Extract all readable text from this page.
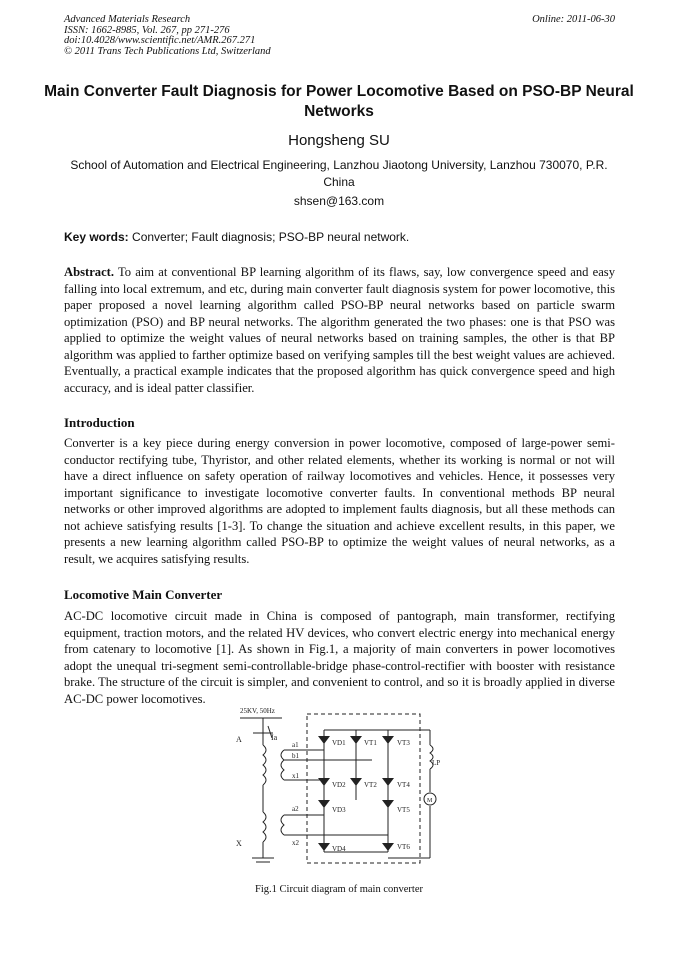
Advanced Materials Research
ISSN: 1662-8985, Vol. 267, pp 271-276
doi:10.4028/www.scientific.net/AMR.267.271
© 2011 Trans Tech Publications Ltd, Switzerland
Online: 2011-06-30
Main Converter Fault Diagnosis for Power Locomotive Based on PSO-BP Neural Networks
Hongsheng SU
School of Automation and Electrical Engineering, Lanzhou Jiaotong University, Lanzhou 730070, P.R. China
shsen@163.com
Key words: Converter; Fault diagnosis; PSO-BP neural network.
Abstract. To aim at conventional BP learning algorithm of its flaws, say, low convergence speed and easy falling into local extremum, and etc, during main converter fault diagnosis system for power locomotive, this paper proposed a novel learning algorithm called PSO-BP neural networks based on particle swarm optimization (PSO) and BP neural networks. The algorithm generated the two phases: one is that PSO was applied to optimize the weight values of neural networks based on training samples, the other is that BP algorithm was applied to farther optimize based on verifying samples till the best weight values are achieved. Eventually, a practical example indicates that the proposed algorithm has quick convergence speed and high accuracy, and is ideal patter classifier.
Introduction
Converter is a key piece during energy conversion in power locomotive, composed of large-power semi-conductor rectifying tube, Thyristor, and other related elements, whether its working is normal or not will have a direct influence on safety operation of railway locomotives and vehicles. Hence, it possesses very important significance to investigate locomotive converter faults. In conventional methods BP neural networks or other improved algorithms are adopted to implement faults diagnosis, but all these methods can not achieve satisfying results [1-3]. To change the situation and achieve excellent results, in this paper, we presents a new learning algorithm called PSO-BP to optimize the weight values of neural networks, as a result, we acquires satisfying results.
Locomotive Main Converter
AC-DC locomotive circuit made in China is composed of pantograph, main transformer, rectifying equipment, traction motors, and the related HV devices, who convert electric energy into mechanical energy from catenary to locomotive [1]. As shown in Fig.1, a majority of main converters in power locomotives adopt the unequal tri-segment semi-controllable-bridge phase-control-rectifier with booster with resistance brake. The structure of the circuit is simpler, and convenient to control, and so it is broadly applied in diverse AC-DC power locomotives.
25KV, 50Hz
A
X
Ia
a1
b1
x1
a2
x2
VD1
VD2
VD3
VD4
VT1
VT2
VT3
VT4
VT5
VT6
LP
M
Fig.1 Circuit diagram of main converter
